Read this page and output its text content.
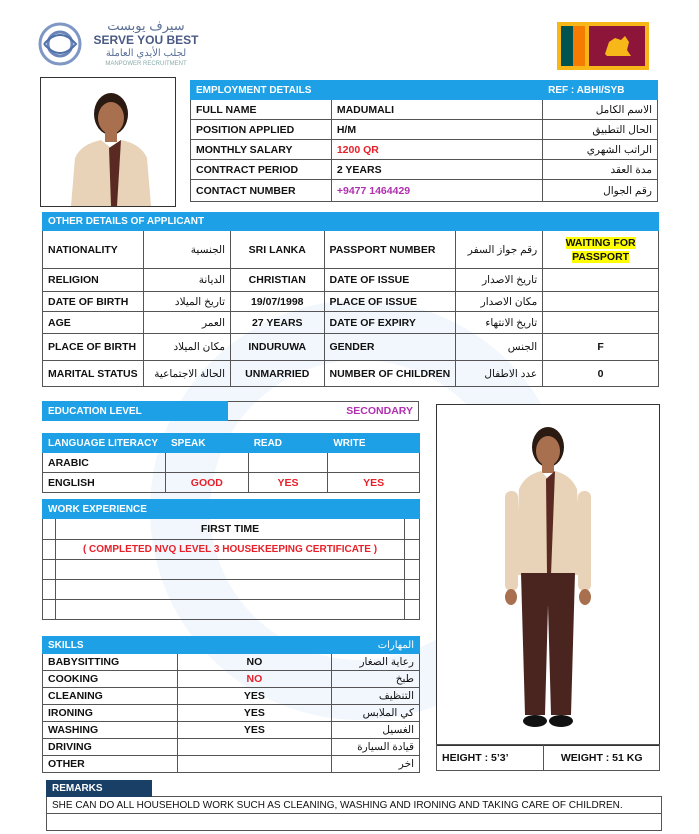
سيرف يوبست
SERVE YOU BEST
لجلب الأيدي العاملة
MANPOWER RECRUITMENT
EMPLOYMENT DETAILS		REF : ABHI/SYB
FULL NAME	MADUMALI	الاسم الكامل
POSITION APPLIED	H/M	الحال التطبيق
MONTHLY SALARY	1200 QR	الراتب الشهري
CONTRACT PERIOD	2 YEARS	مدة العقد
CONTACT NUMBER	+9477 1464429	رقم الجوال
OTHER DETAILS OF APPLICANT					
NATIONALITY	الجنسية	SRI LANKA	PASSPORT NUMBER	رقم جواز السفر	WAITING FOR PASSPORT
RELIGION	الديانة	CHRISTIAN	DATE OF ISSUE	تاريخ الاصدار	
DATE OF BIRTH	تاريخ الميلاد	19/07/1998	PLACE OF ISSUE	مكان الاصدار	
AGE	العمر	27 YEARS	DATE OF EXPIRY	تاريخ الانتهاء	
PLACE OF BIRTH	مكان الميلاد	INDURUWA	GENDER	الجنس	F
MARITAL STATUS	الحالة الاجتماعية	UNMARRIED	NUMBER OF CHILDREN	عدد الاطفال	0
EDUCATION LEVEL	SECONDARY
LANGUAGE LITERACY	SPEAK	READ	WRITE
ARABIC			
ENGLISH	GOOD	YES	YES
WORK EXPERIENCE		
	FIRST TIME	
	( COMPLETED NVQ LEVEL 3 HOUSEKEEPING CERTIFICATE )	

SKILLS		المهارات
BABYSITTING	NO	رعاية الصغار
COOKING	NO	طبخ
CLEANING	YES	التنظيف
IRONING	YES	كي الملابس
WASHING	YES	الغسيل
DRIVING		قيادة السيارة
OTHER		اخر
HEIGHT : 5’3’	WEIGHT : 51 KG
REMARKS	
SHE CAN DO ALL HOUSEHOLD WORK SUCH AS CLEANING, WASHING AND IRONING AND TAKING CARE OF CHILDREN.
